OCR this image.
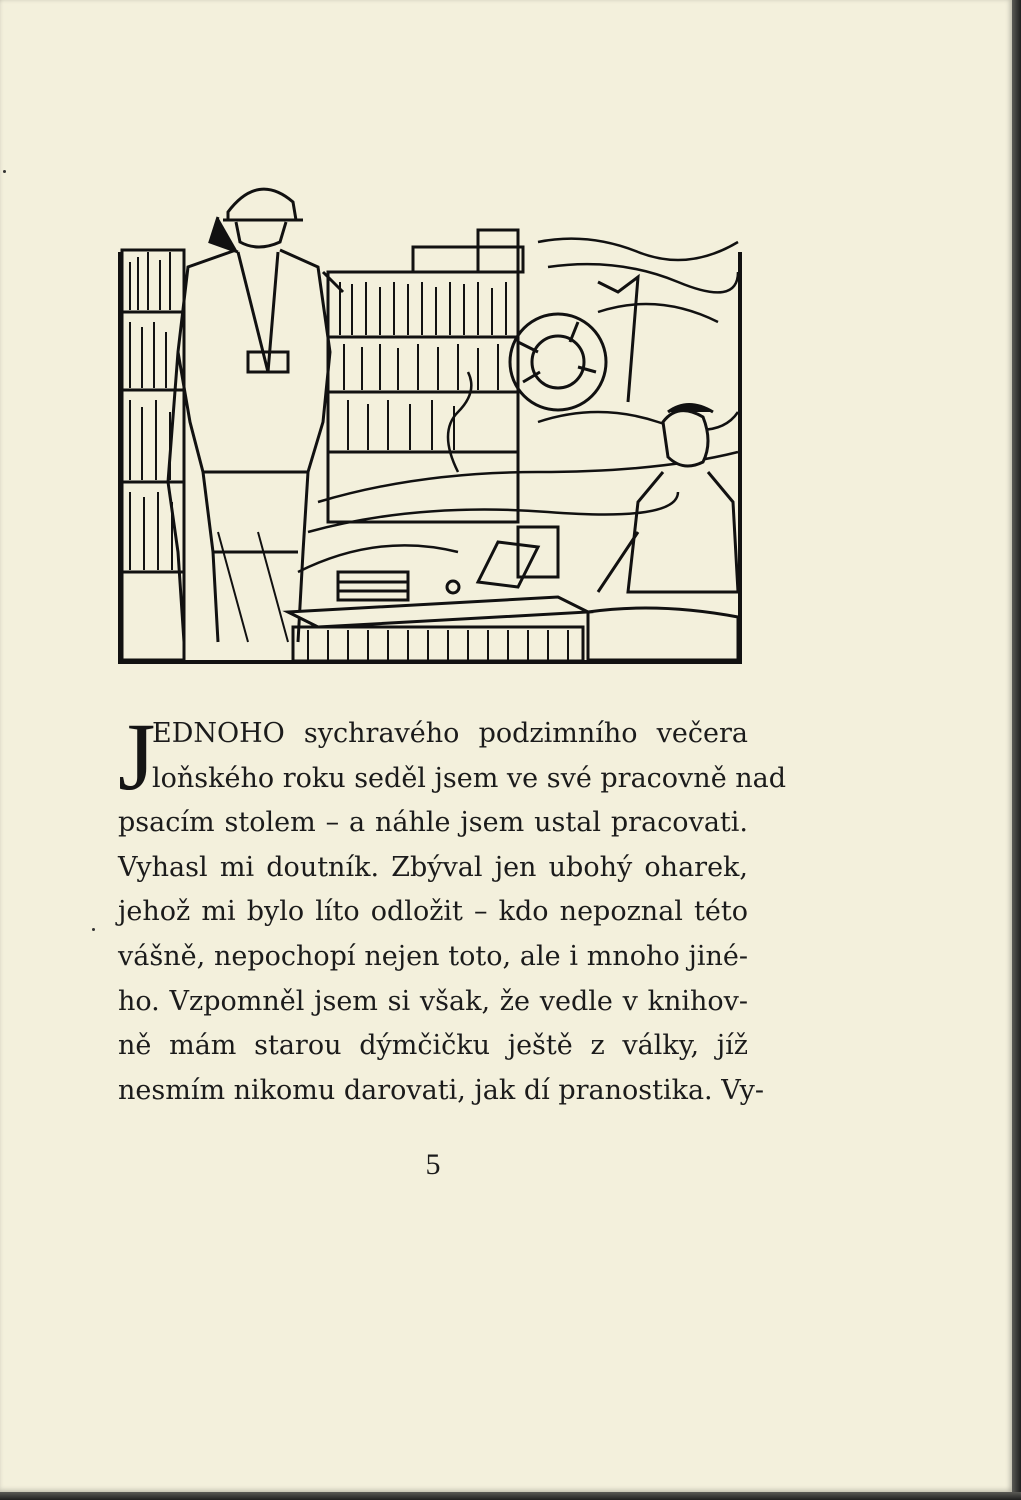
J
EDNOHO sychravého podzimního večera
loňského roku seděl jsem ve své pracovně nad
psacím stolem – a náhle jsem ustal pracovati.
Vyhasl mi doutník. Zbýval jen ubohý oharek,
jehož mi bylo líto odložit – kdo nepoznal této
vášně, nepochopí nejen toto, ale i mnoho jiné-
ho. Vzpomněl jsem si však, že vedle v knihov-
ně mám starou dýmčičku ještě z války, jíž
nesmím nikomu darovati, jak dí pranostika. Vy-
5
